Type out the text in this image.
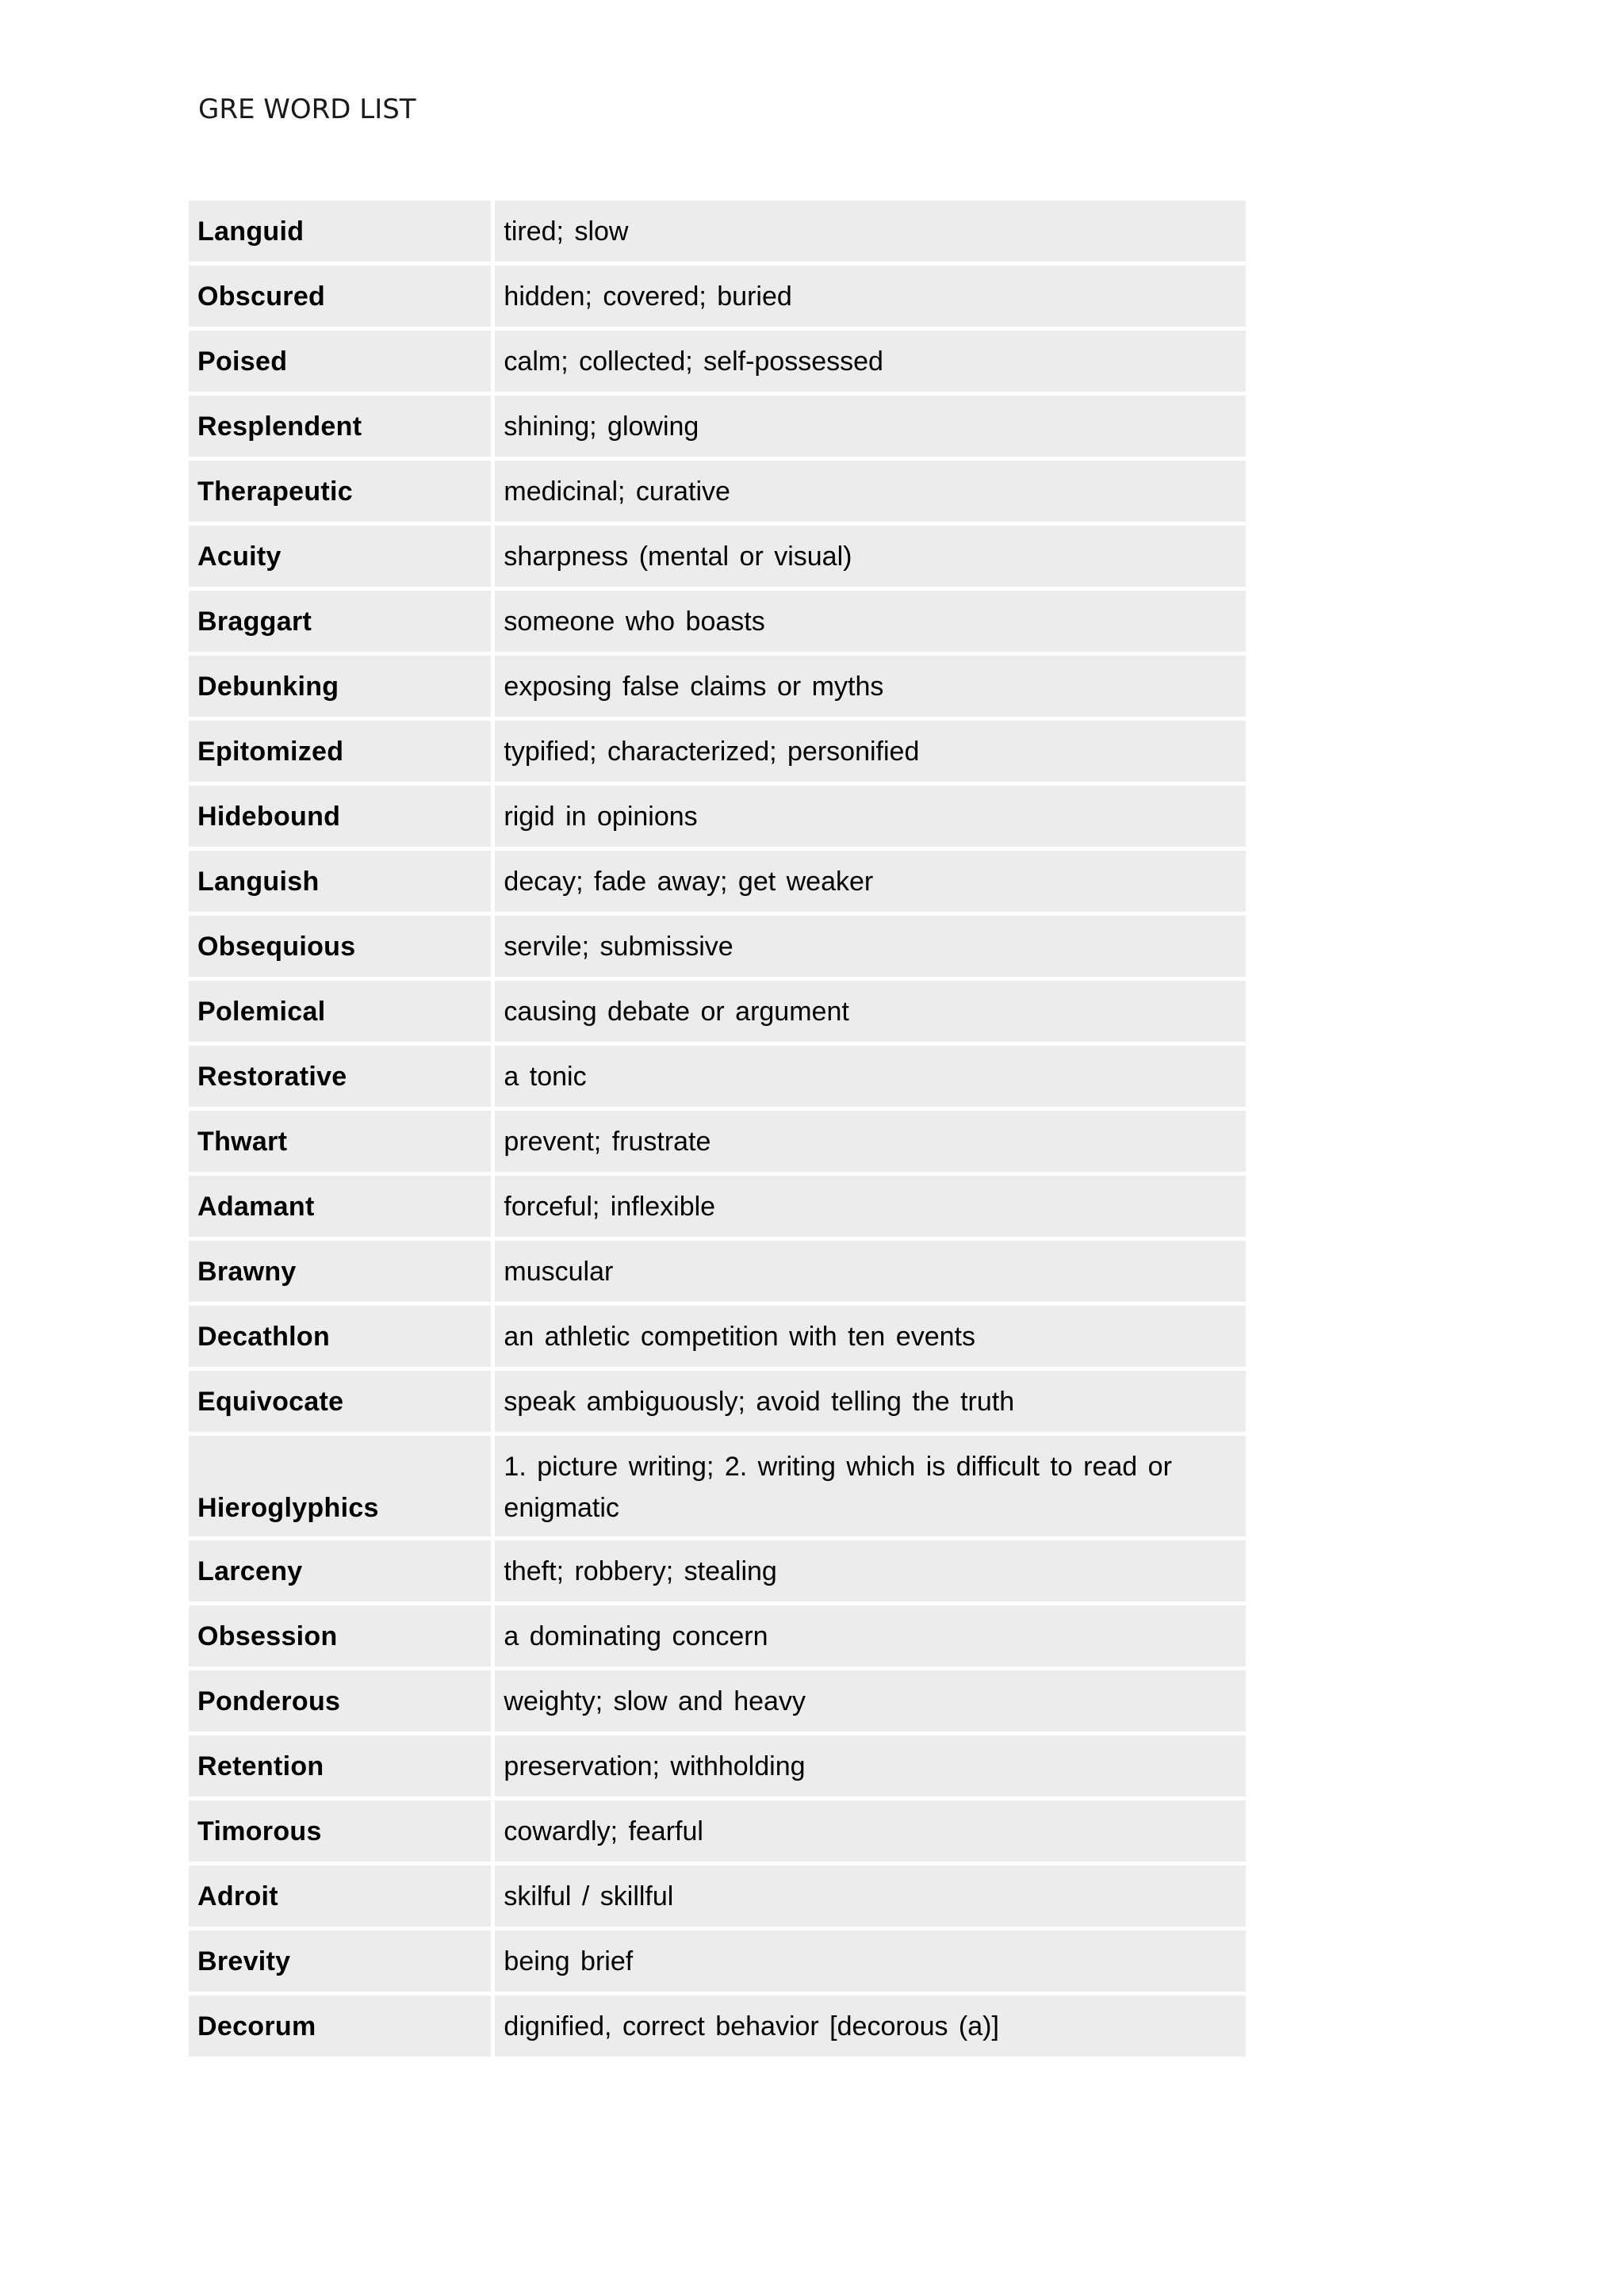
GRE WORD LIST
Languid	tired; slow
Obscured	hidden; covered; buried
Poised	calm; collected; self-possessed
Resplendent	shining; glowing
Therapeutic	medicinal; curative
Acuity	sharpness (mental or visual)
Braggart	someone who boasts
Debunking	exposing false claims or myths
Epitomized	typified; characterized; personified
Hidebound	rigid in opinions
Languish	decay; fade away; get weaker
Obsequious	servile; submissive
Polemical	causing debate or argument
Restorative	a tonic
Thwart	prevent; frustrate
Adamant	forceful; inflexible
Brawny	muscular
Decathlon	an athletic competition with ten events
Equivocate	speak ambiguously; avoid telling the truth
Hieroglyphics	1. picture writing; 2. writing which is difficult to read or enigmatic
Larceny	theft; robbery; stealing
Obsession	a dominating concern
Ponderous	weighty; slow and heavy
Retention	preservation; withholding
Timorous	cowardly; fearful
Adroit	skilful / skillful
Brevity	being brief
Decorum	dignified, correct behavior [decorous (a)]
